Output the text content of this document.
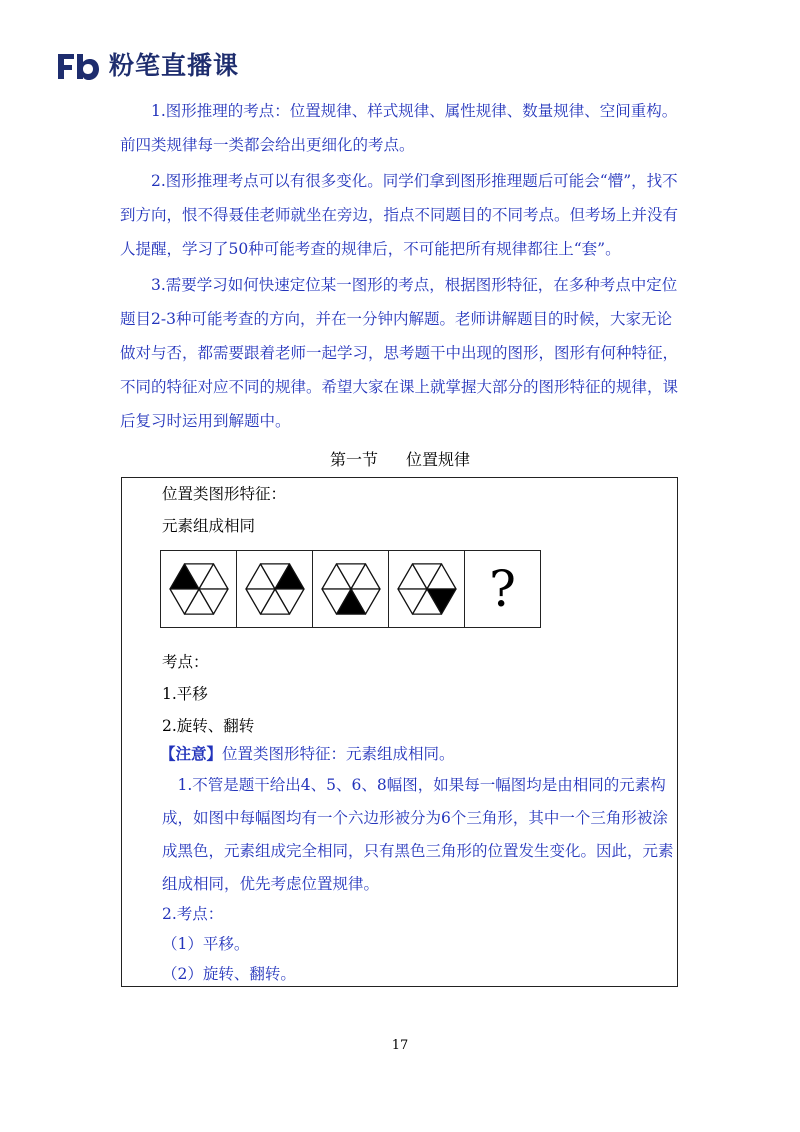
粉笔直播课

1.图形推理的考点：位置规律、样式规律、属性规律、数量规律、空间重构。前四类规律每一类都会给出更细化的考点。

2.图形推理考点可以有很多变化。同学们拿到图形推理题后可能会“懵”，找不到方向，恨不得聂佳老师就坐在旁边，指点不同题目的不同考点。但考场上并没有人提醒，学习了50种可能考查的规律后，不可能把所有规律都往上“套”。

3.需要学习如何快速定位某一图形的考点，根据图形特征，在多种考点中定位题目2-3种可能考查的方向，并在一分钟内解题。老师讲解题目的时候，大家无论做对与否，都需要跟着老师一起学习，思考题干中出现的图形，图形有何种特征，不同的特征对应不同的规律。希望大家在课上就掌握大部分的图形特征的规律，课后复习时运用到解题中。

第一节 位置规律

位置类图形特征：

元素组成相同

?

考点：

1.平移

2.旋转、翻转

【注意】位置类图形特征：元素组成相同。

1.不管是题干给出4、5、6、8幅图，如果每一幅图均是由相同的元素构成，如图中每幅图均有一个六边形被分为6个三角形，其中一个三角形被涂成黑色，元素组成完全相同，只有黑色三角形的位置发生变化。因此，元素组成相同，优先考虑位置规律。

2.考点：

（1）平移。

（2）旋转、翻转。

17
